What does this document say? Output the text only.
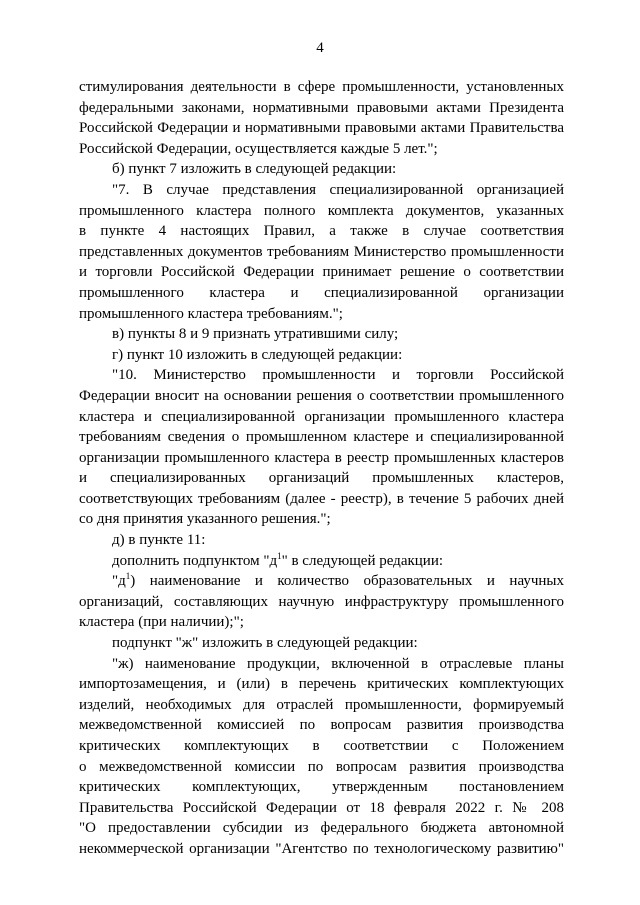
4
стимулирования деятельности в сфере промышленности, установленных
федеральными законами, нормативными правовыми актами Президента
Российской Федерации и нормативными правовыми актами Правительства
Российской Федерации, осуществляется каждые 5 лет.";
б) пункт 7 изложить в следующей редакции:
"7. В случае представления специализированной организацией
промышленного кластера полного комплекта документов, указанных
в пункте 4 настоящих Правил, а также в случае соответствия
представленных документов требованиям Министерство промышленности
и торговли Российской Федерации принимает решение о соответствии
промышленного кластера и специализированной организации
промышленного кластера требованиям.";
в) пункты 8 и 9 признать утратившими силу;
г) пункт 10 изложить в следующей редакции:
"10. Министерство промышленности и торговли Российской
Федерации вносит на основании решения о соответствии промышленного
кластера и специализированной организации промышленного кластера
требованиям сведения о промышленном кластере и специализированной
организации промышленного кластера в реестр промышленных кластеров
и специализированных организаций промышленных кластеров,
соответствующих требованиям (далее - реестр), в течение 5 рабочих дней
со дня принятия указанного решения.";
д) в пункте 11:
дополнить подпунктом "$д^1$" в следующей редакции:
"$д^1$) наименование и количество образовательных и научных
организаций, составляющих научную инфраструктуру промышленного
кластера (при наличии);";
подпункт "ж" изложить в следующей редакции:
"ж) наименование продукции, включенной в отраслевые планы
импортозамещения, и (или) в перечень критических комплектующих
изделий, необходимых для отраслей промышленности, формируемый
межведомственной комиссией по вопросам развития производства
критических комплектующих в соответствии с Положением
о межведомственной комиссии по вопросам развития производства
критических комплектующих, утвержденным постановлением
Правительства Российской Федерации от 18 февраля 2022 г. № 208
"О предоставлении субсидии из федерального бюджета автономной
некоммерческой организации "Агентство по технологическому развитию"
